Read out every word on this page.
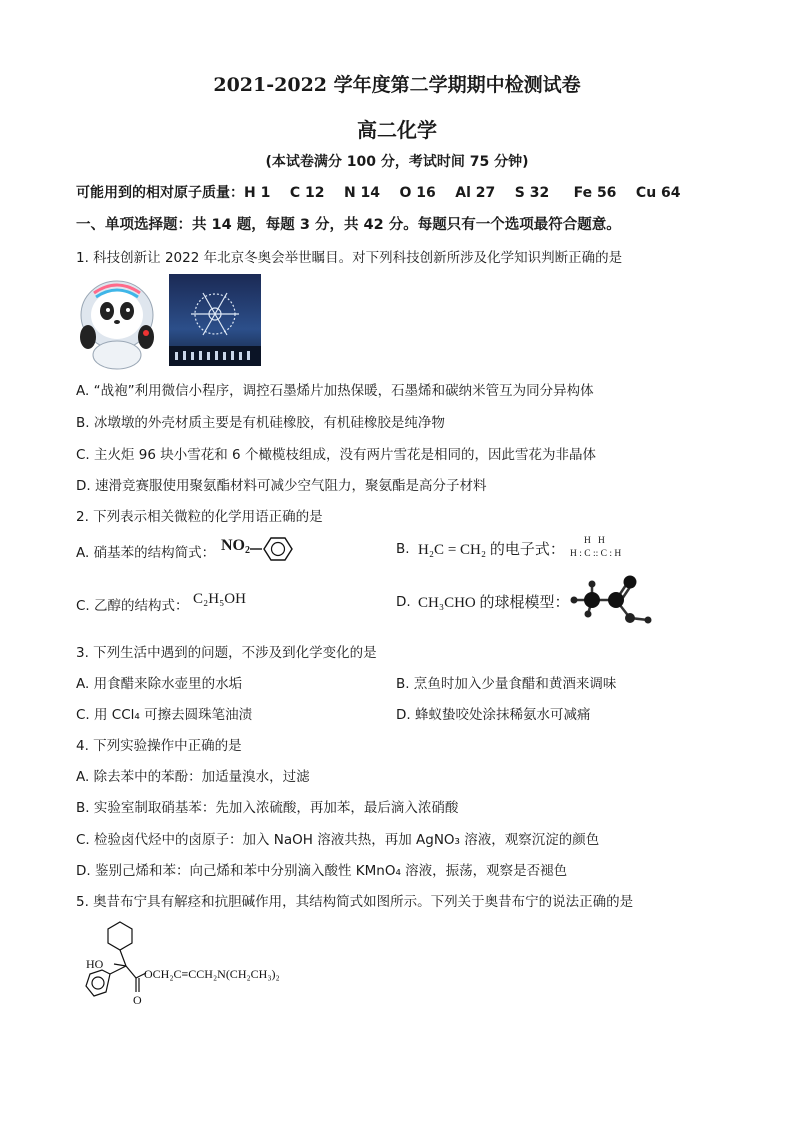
2021-2022 学年度第二学期期中检测试卷
高二化学
(本试卷满分 100 分，考试时间 75 分钟)
可能用到的相对原子质量：H 1    C 12    N 14    O 16    Al 27    S 32     Fe 56    Cu 64
一、单项选择题：共 14 题，每题 3 分，共 42 分。每题只有一个选项最符合题意。
1. 科技创新让 2022 年北京冬奥会举世瞩目。对下列科技创新所涉及化学知识判断正确的是
A. “战袍”利用微信小程序，调控石墨烯片加热保暖，石墨烯和碳纳米管互为同分异构体
B. 冰墩墩的外壳材质主要是有机硅橡胶，有机硅橡胶是纯净物
C. 主火炬 96 块小雪花和 6 个橄榄枝组成，没有两片雪花是相同的，因此雪花为非晶体
D. 速滑竞赛服使用聚氨酯材料可减少空气阻力，聚氨酯是高分子材料
2. 下列表示相关微粒的化学用语正确的是
A. 硝基苯的结构简式： $NO_2$	B. H₂C = CH₂ 的电子式：
H   H
H : C :: C : H
C. 乙醇的结构式： C₂H₅OH	D. CH₃CHO 的球棍模型：
3. 下列生活中遇到的问题，不涉及到化学变化的是
A. 用食醋来除水壶里的水垢	B. 烹鱼时加入少量食醋和黄酒来调味
C. 用 CCl₄ 可擦去圆珠笔油渍	D. 蜂蚁蛰咬处涂抹稀氨水可减痛
4. 下列实验操作中正确的是
A. 除去苯中的苯酚：加适量溴水，过滤
B. 实验室制取硝基苯：先加入浓硫酸，再加苯，最后滴入浓硝酸
C. 检验卤代烃中的卤原子：加入 NaOH 溶液共热，再加 AgNO₃ 溶液，观察沉淀的颜色
D. 鉴别己烯和苯：向己烯和苯中分别滴入酸性 KMnO₄ 溶液，振荡，观察是否褪色
5. 奥昔布宁具有解痉和抗胆碱作用，其结构简式如图所示。下列关于奥昔布宁的说法正确的是
HO
OCH₂C≡CCH₂N(CH₂CH₃)₂
O
